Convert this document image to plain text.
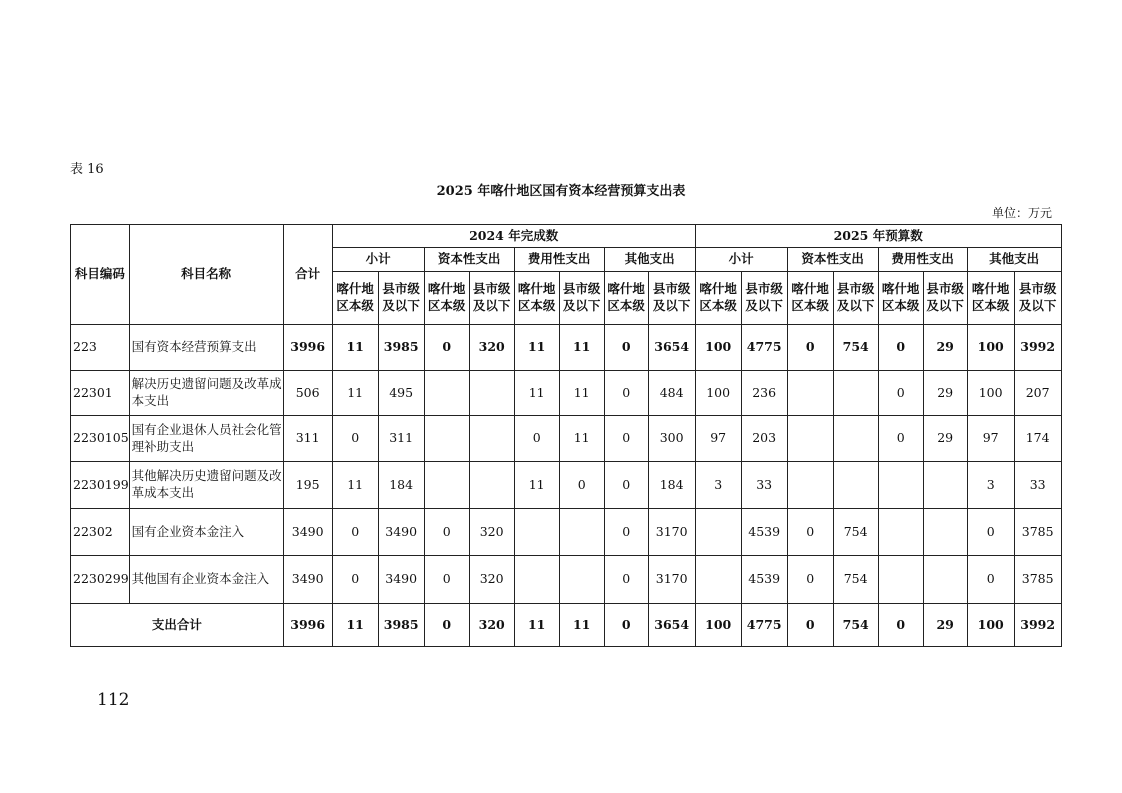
表 16
2025 年喀什地区国有资本经营预算支出表
单位：万元
科目编码	科目名称	合计	2024 年完成数								2025 年预算数							
			小计		资本性支出		费用性支出		其他支出		小计		资本性支出		费用性支出		其他支出	
			喀什地区本级	县市级及以下	喀什地区本级	县市级及以下	喀什地区本级	县市级及以下	喀什地区本级	县市级及以下	喀什地区本级	县市级及以下	喀什地区本级	县市级及以下	喀什地区本级	县市级及以下	喀什地区本级	县市级及以下
223	国有资本经营预算支出	3996	11	3985	0	320	11	11	0	3654	100	4775	0	754	0	29	100	3992
22301	解决历史遗留问题及改革成本支出	506	11	495			11	11	0	484	100	236			0	29	100	207
2230105	国有企业退休人员社会化管理补助支出	311	0	311			0	11	0	300	97	203			0	29	97	174
2230199	其他解决历史遗留问题及改革成本支出	195	11	184			11	0	0	184	3	33					3	33
22302	国有企业资本金注入	3490	0	3490	0	320			0	3170		4539	0	754			0	3785
2230299	其他国有企业资本金注入	3490	0	3490	0	320			0	3170		4539	0	754			0	3785
支出合计		3996	11	3985	0	320	11	11	0	3654	100	4775	0	754	0	29	100	3992
112
